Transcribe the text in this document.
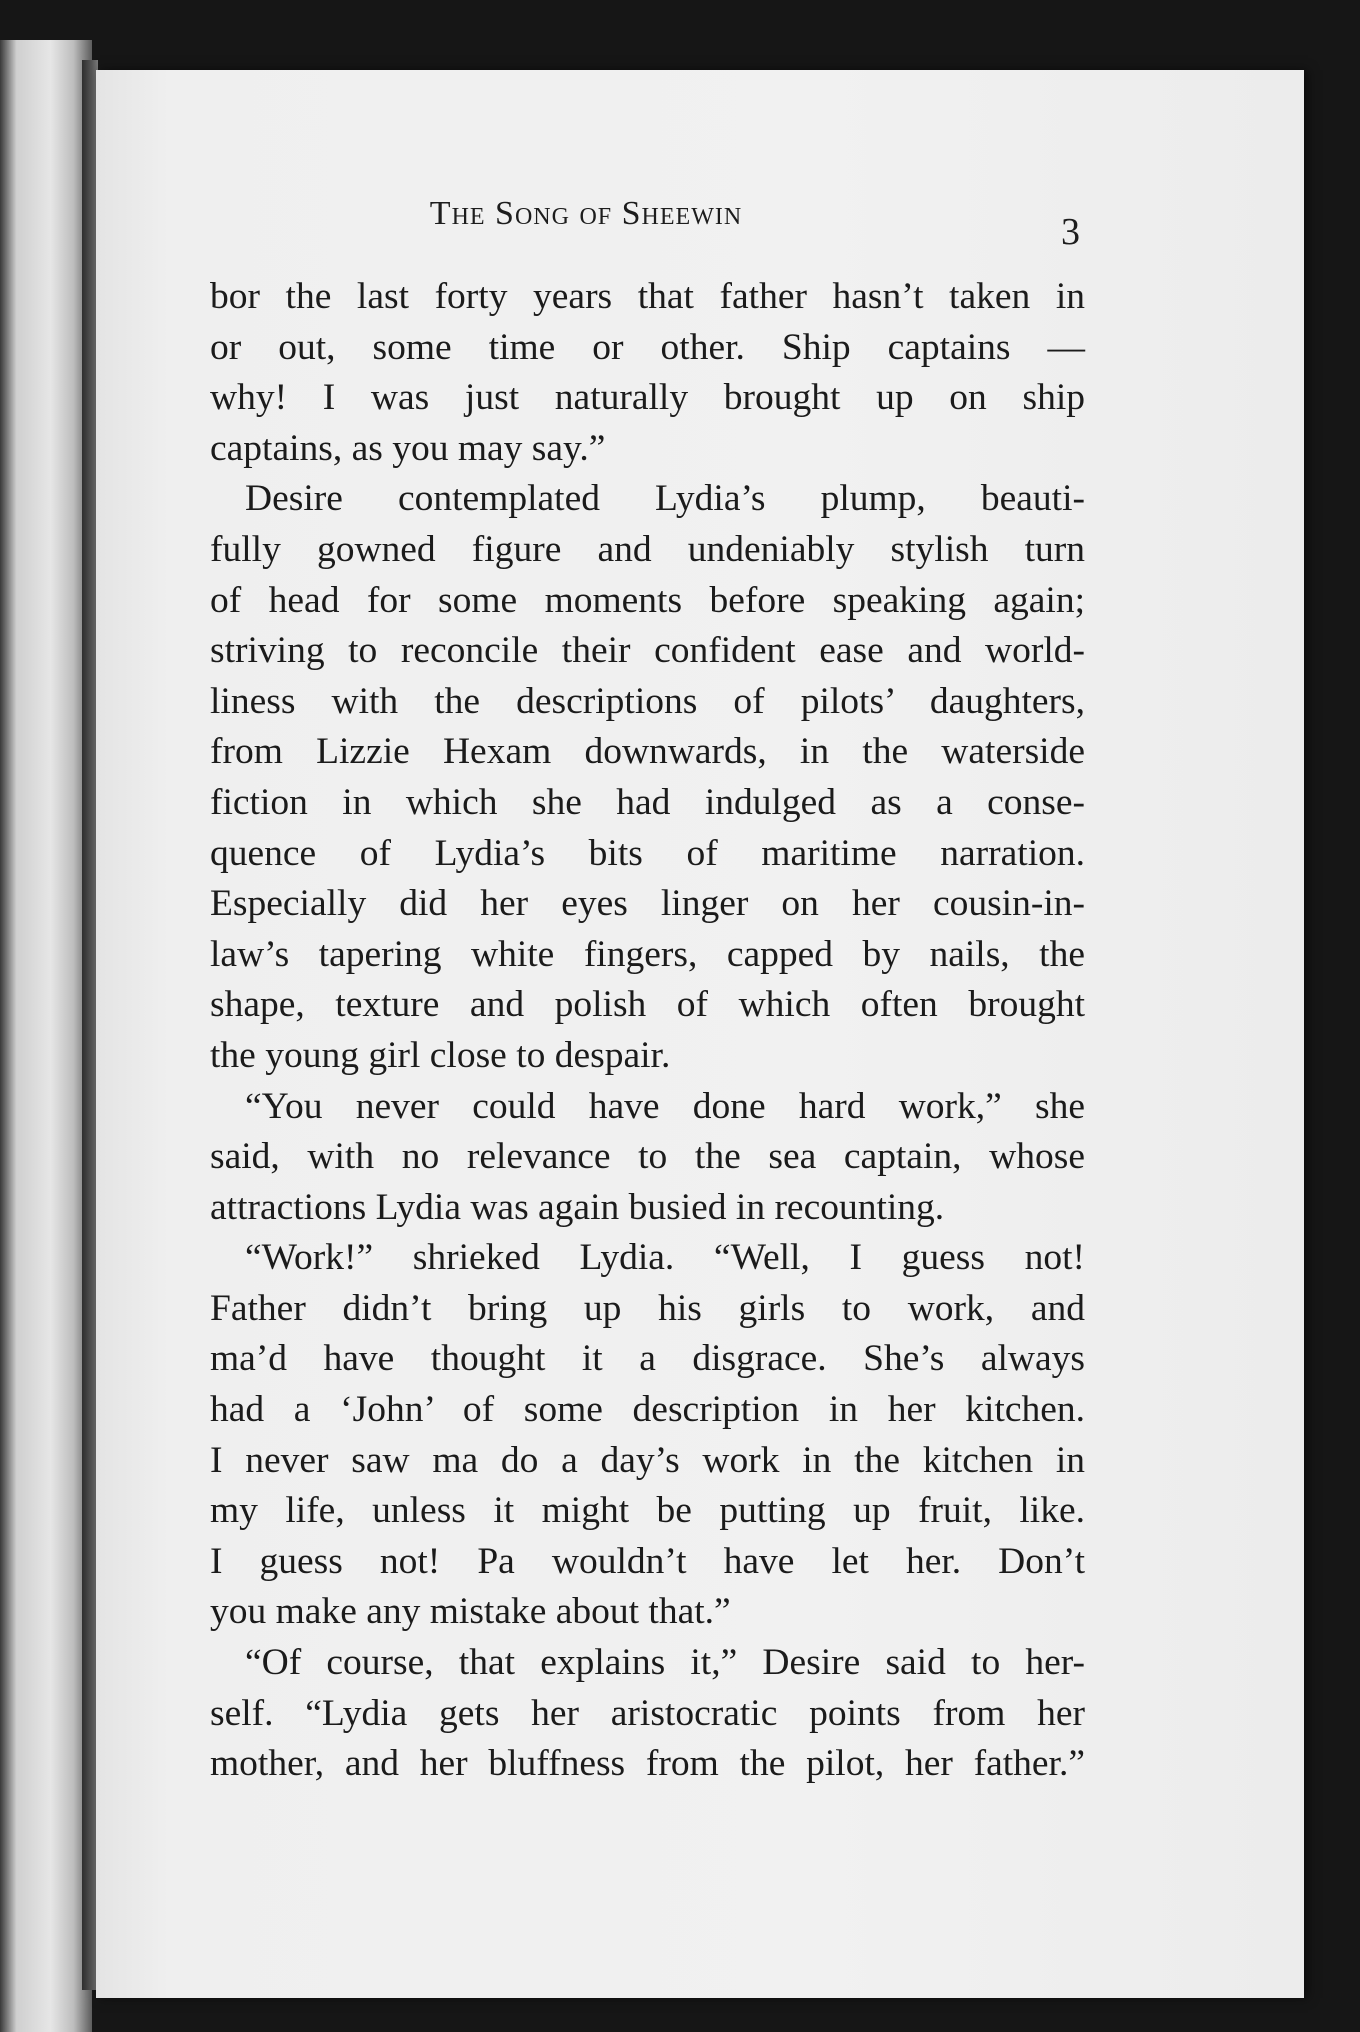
The Song of Sheewin	3

bor the last forty years that father hasn’t taken in
or out, some time or other. Ship captains —
why! I was just naturally brought up on ship
captains, as you may say.”

Desire contemplated Lydia’s plump, beauti-
fully gowned figure and undeniably stylish turn
of head for some moments before speaking again;
striving to reconcile their confident ease and world-
liness with the descriptions of pilots’ daughters,
from Lizzie Hexam downwards, in the waterside
fiction in which she had indulged as a conse-
quence of Lydia’s bits of maritime narration.
Especially did her eyes linger on her cousin-in-
law’s tapering white fingers, capped by nails, the
shape, texture and polish of which often brought
the young girl close to despair.

“You never could have done hard work,” she
said, with no relevance to the sea captain, whose
attractions Lydia was again busied in recounting.

“Work!” shrieked Lydia. “Well, I guess not!
Father didn’t bring up his girls to work, and
ma’d have thought it a disgrace. She’s always
had a ‘John’ of some description in her kitchen.
I never saw ma do a day’s work in the kitchen in
my life, unless it might be putting up fruit, like.
I guess not! Pa wouldn’t have let her. Don’t
you make any mistake about that.”

“Of course, that explains it,” Desire said to her-
self. “Lydia gets her aristocratic points from her
mother, and her bluffness from the pilot, her father.”
